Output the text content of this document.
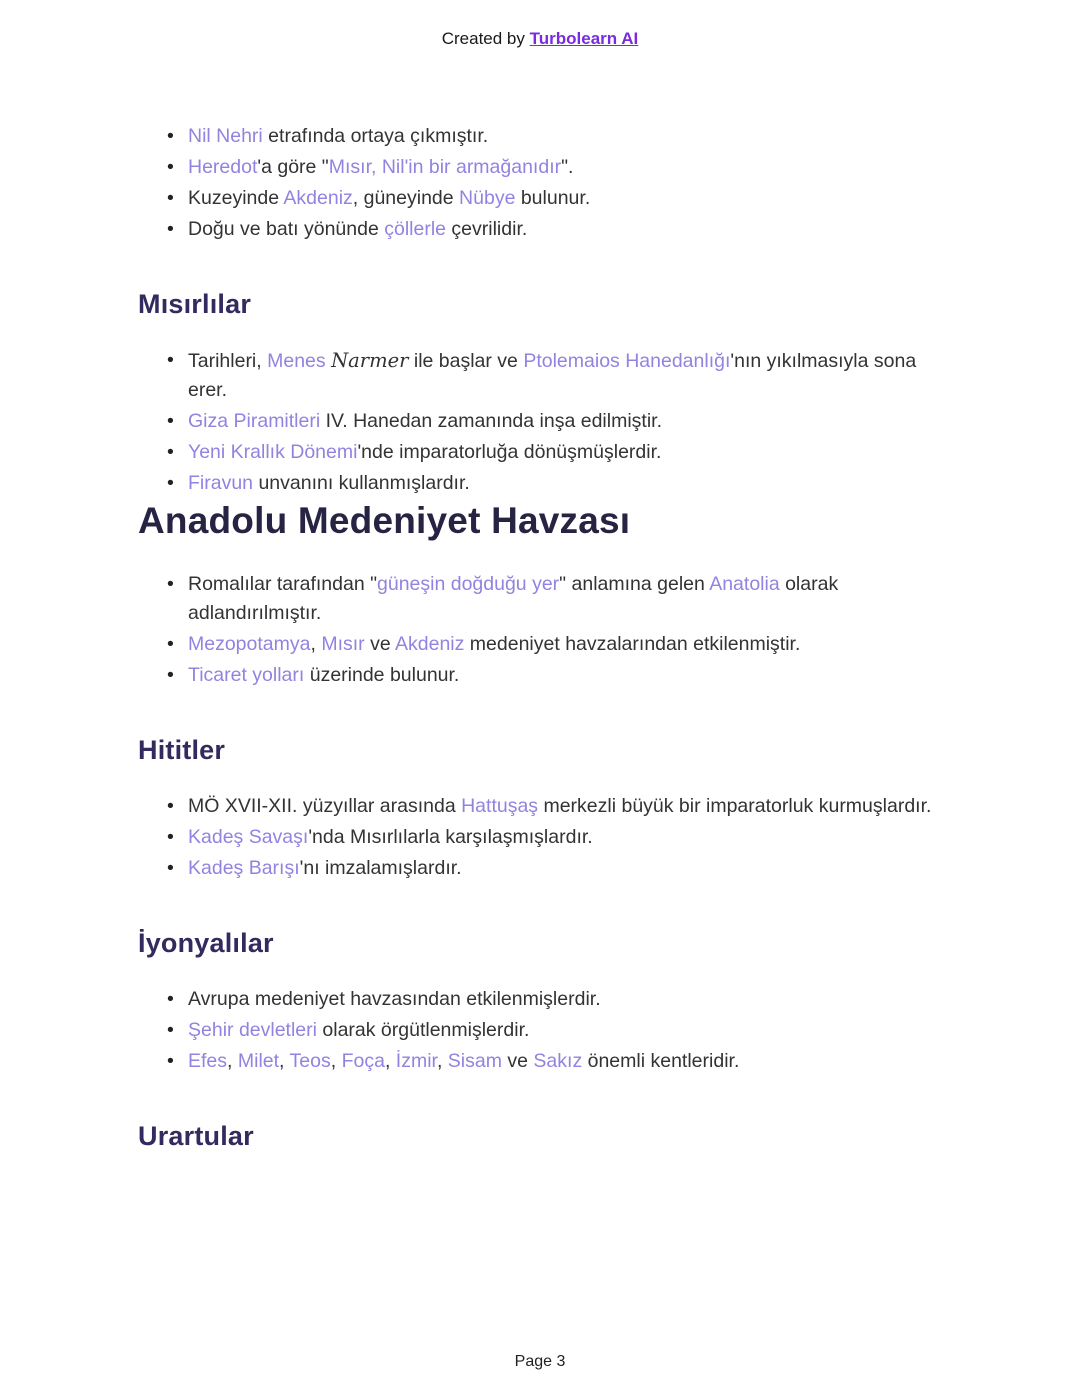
Created by Turbolearn AI
• Nil Nehri etrafında ortaya çıkmıştır.
• Heredot'a göre "Mısır, Nil'in bir armağanıdır".
• Kuzeyinde Akdeniz, güneyinde Nübye bulunur.
• Doğu ve batı yönünde çöllerle çevrilidir.
Mısırlılar
• Tarihleri, Menes Narmer ile başlar ve Ptolemaios Hanedanlığı'nın yıkılmasıyla sona erer.
• Giza Piramitleri IV. Hanedan zamanında inşa edilmiştir.
• Yeni Krallık Dönemi'nde imparatorluğa dönüşmüşlerdir.
• Firavun unvanını kullanmışlardır.
Anadolu Medeniyet Havzası
• Romalılar tarafından "güneşin doğduğu yer" anlamına gelen Anatolia olarak adlandırılmıştır.
• Mezopotamya, Mısır ve Akdeniz medeniyet havzalarından etkilenmiştir.
• Ticaret yolları üzerinde bulunur.
Hititler
• MÖ XVII-XII. yüzyıllar arasında Hattuşaş merkezli büyük bir imparatorluk kurmuşlardır.
• Kadeş Savaşı'nda Mısırlılarla karşılaşmışlardır.
• Kadeş Barışı'nı imzalamışlardır.
İyonyalılar
• Avrupa medeniyet havzasından etkilenmişlerdir.
• Şehir devletleri olarak örgütlenmişlerdir.
• Efes, Milet, Teos, Foça, İzmir, Sisam ve Sakız önemli kentleridir.
Urartular
Page 3
